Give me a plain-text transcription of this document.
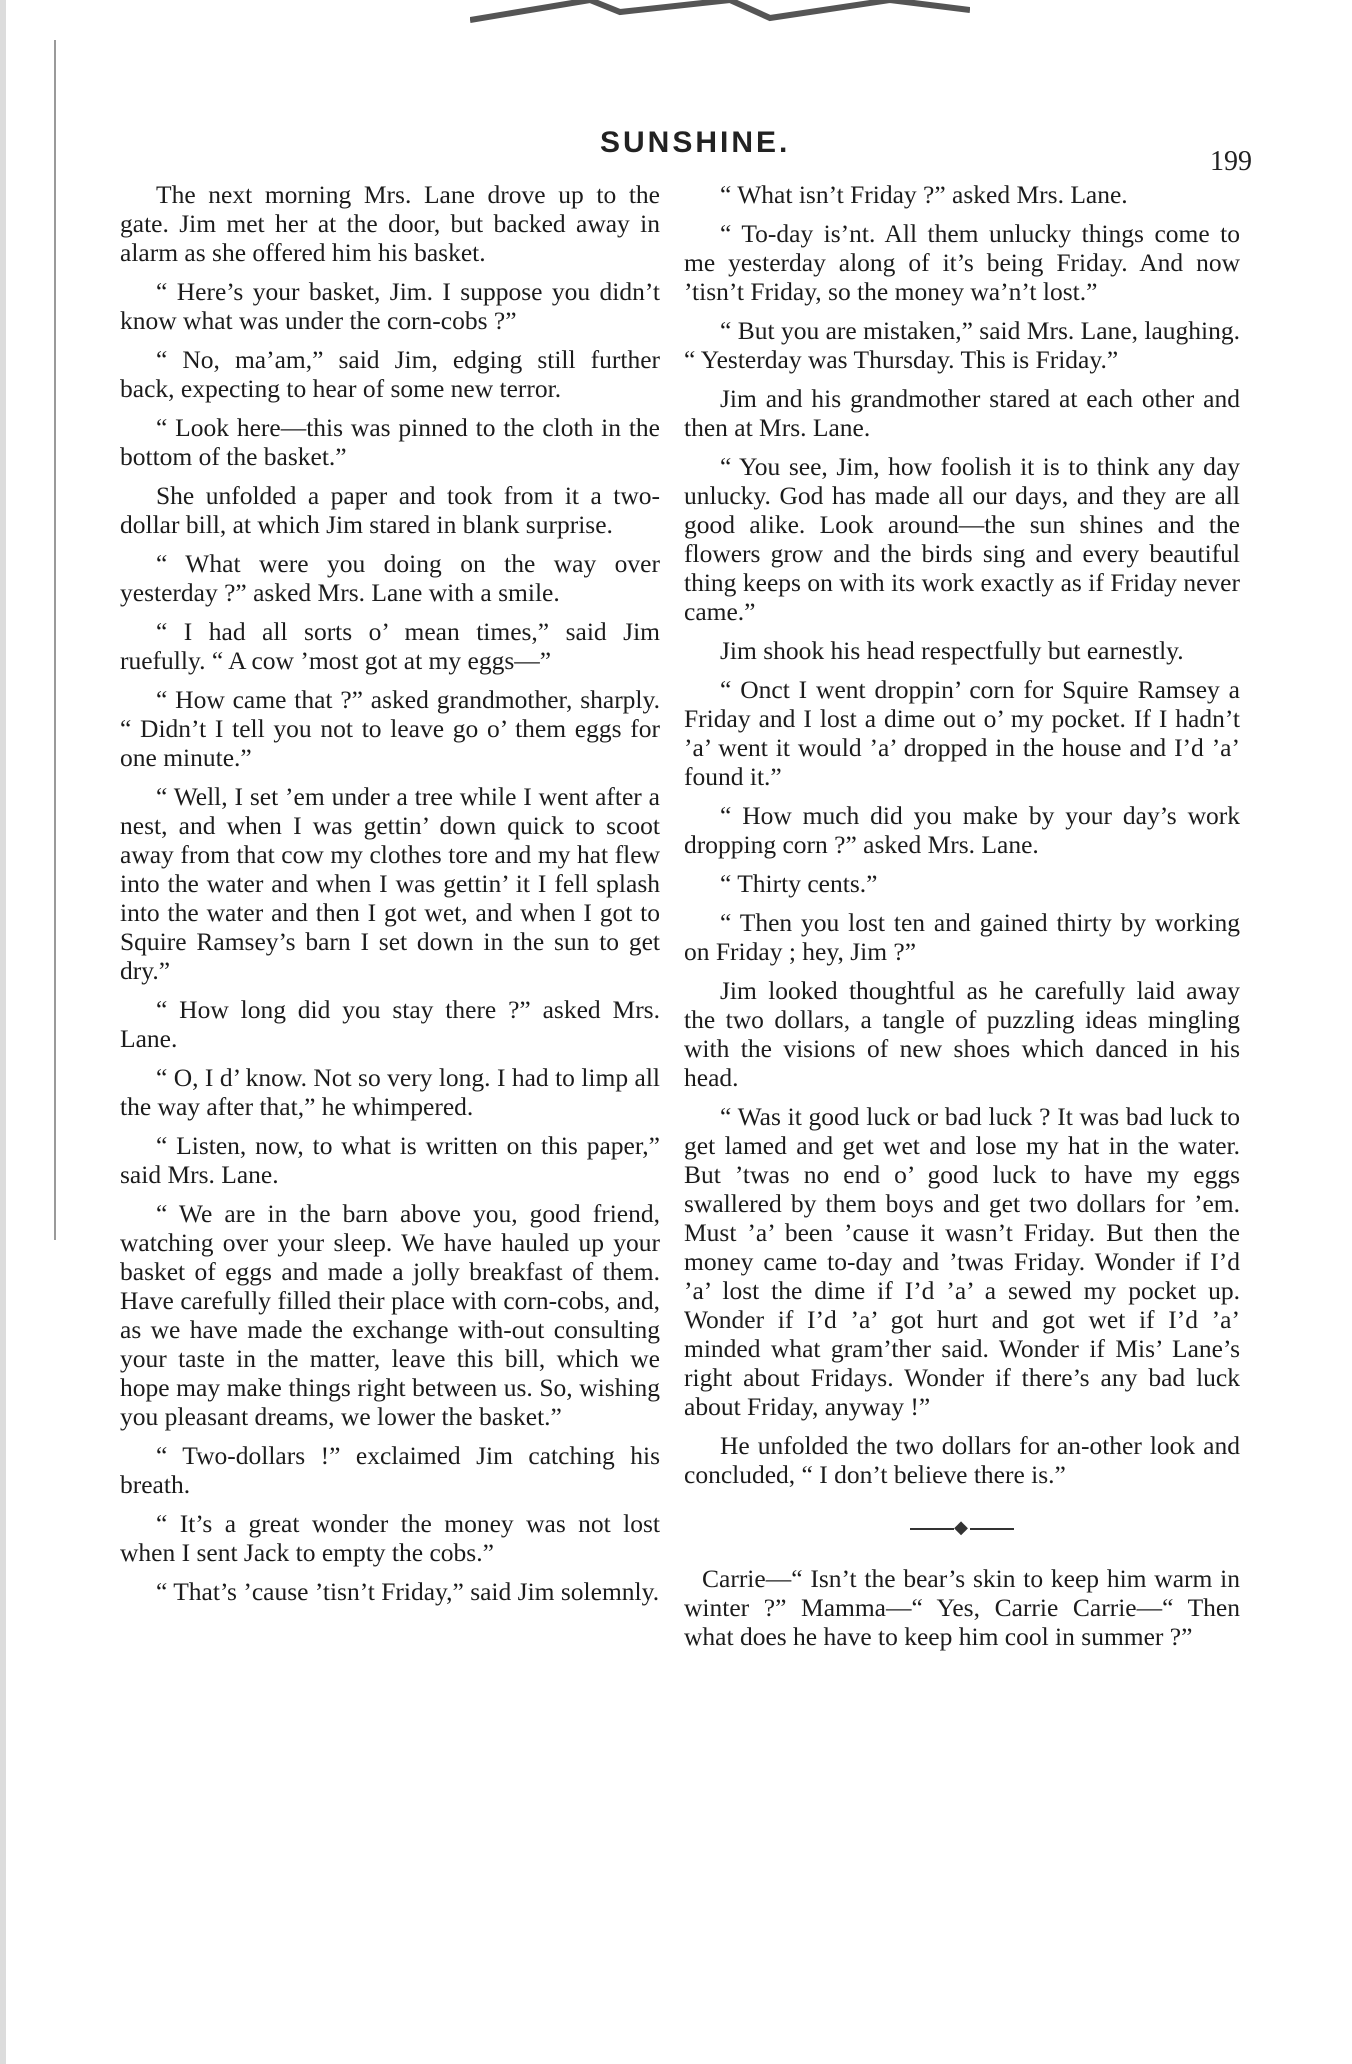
SUNSHINE.
199

The next morning Mrs. Lane drove up to the gate. Jim met her at the door, but backed away in alarm as she offered him his basket.

“ Here’s your basket, Jim. I suppose you didn’t know what was under the corn-cobs ?”

“ No, ma’am,” said Jim, edging still further back, expecting to hear of some new terror.

“ Look here—this was pinned to the cloth in the bottom of the basket.”

She unfolded a paper and took from it a two-dollar bill, at which Jim stared in blank surprise.

“ What were you doing on the way over yesterday ?” asked Mrs. Lane with a smile.

“ I had all sorts o’ mean times,” said Jim ruefully. “ A cow ’most got at my eggs—”

“ How came that ?” asked grandmother, sharply. “ Didn’t I tell you not to leave go o’ them eggs for one minute.”

“ Well, I set ’em under a tree while I went after a nest, and when I was gettin’ down quick to scoot away from that cow my clothes tore and my hat flew into the water and when I was gettin’ it I fell splash into the water and then I got wet, and when I got to Squire Ramsey’s barn I set down in the sun to get dry.”

“ How long did you stay there ?” asked Mrs. Lane.

“ O, I d’ know. Not so very long. I had to limp all the way after that,” he whimpered.

“ Listen, now, to what is written on this paper,” said Mrs. Lane.

“ We are in the barn above you, good friend, watching over your sleep. We have hauled up your basket of eggs and made a jolly breakfast of them. Have carefully filled their place with corn-cobs, and, as we have made the exchange with-out consulting your taste in the matter, leave this bill, which we hope may make things right between us. So, wishing you pleasant dreams, we lower the basket.”

“ Two-dollars !” exclaimed Jim catching his breath.

“ It’s a great wonder the money was not lost when I sent Jack to empty the cobs.”

“ That’s ’cause ’tisn’t Friday,” said Jim solemnly.

“ What isn’t Friday ?” asked Mrs. Lane.

“ To-day is’nt. All them unlucky things come to me yesterday along of it’s being Friday. And now ’tisn’t Friday, so the money wa’n’t lost.”

“ But you are mistaken,” said Mrs. Lane, laughing. “ Yesterday was Thursday. This is Friday.”

Jim and his grandmother stared at each other and then at Mrs. Lane.

“ You see, Jim, how foolish it is to think any day unlucky. God has made all our days, and they are all good alike. Look around—the sun shines and the flowers grow and the birds sing and every beautiful thing keeps on with its work exactly as if Friday never came.”

Jim shook his head respectfully but earnestly.

“ Onct I went droppin’ corn for Squire Ramsey a Friday and I lost a dime out o’ my pocket. If I hadn’t ’a’ went it would ’a’ dropped in the house and I’d ’a’ found it.”

“ How much did you make by your day’s work dropping corn ?” asked Mrs. Lane.

“ Thirty cents.”

“ Then you lost ten and gained thirty by working on Friday ; hey, Jim ?”

Jim looked thoughtful as he carefully laid away the two dollars, a tangle of puzzling ideas mingling with the visions of new shoes which danced in his head.

“ Was it good luck or bad luck ? It was bad luck to get lamed and get wet and lose my hat in the water. But ’twas no end o’ good luck to have my eggs swallered by them boys and get two dollars for ’em. Must ’a’ been ’cause it wasn’t Friday. But then the money came to-day and ’twas Friday. Wonder if I’d ’a’ lost the dime if I’d ’a’ a sewed my pocket up. Wonder if I’d ’a’ got hurt and got wet if I’d ’a’ minded what gram’ther said. Wonder if Mis’ Lane’s right about Fridays. Wonder if there’s any bad luck about Friday, anyway !”

He unfolded the two dollars for an-other look and concluded, “ I don’t believe there is.”

◆

Carrie—“ Isn’t the bear’s skin to keep him warm in winter ?” Mamma—“ Yes, Carrie Carrie—“ Then what does he have to keep him cool in summer ?”
